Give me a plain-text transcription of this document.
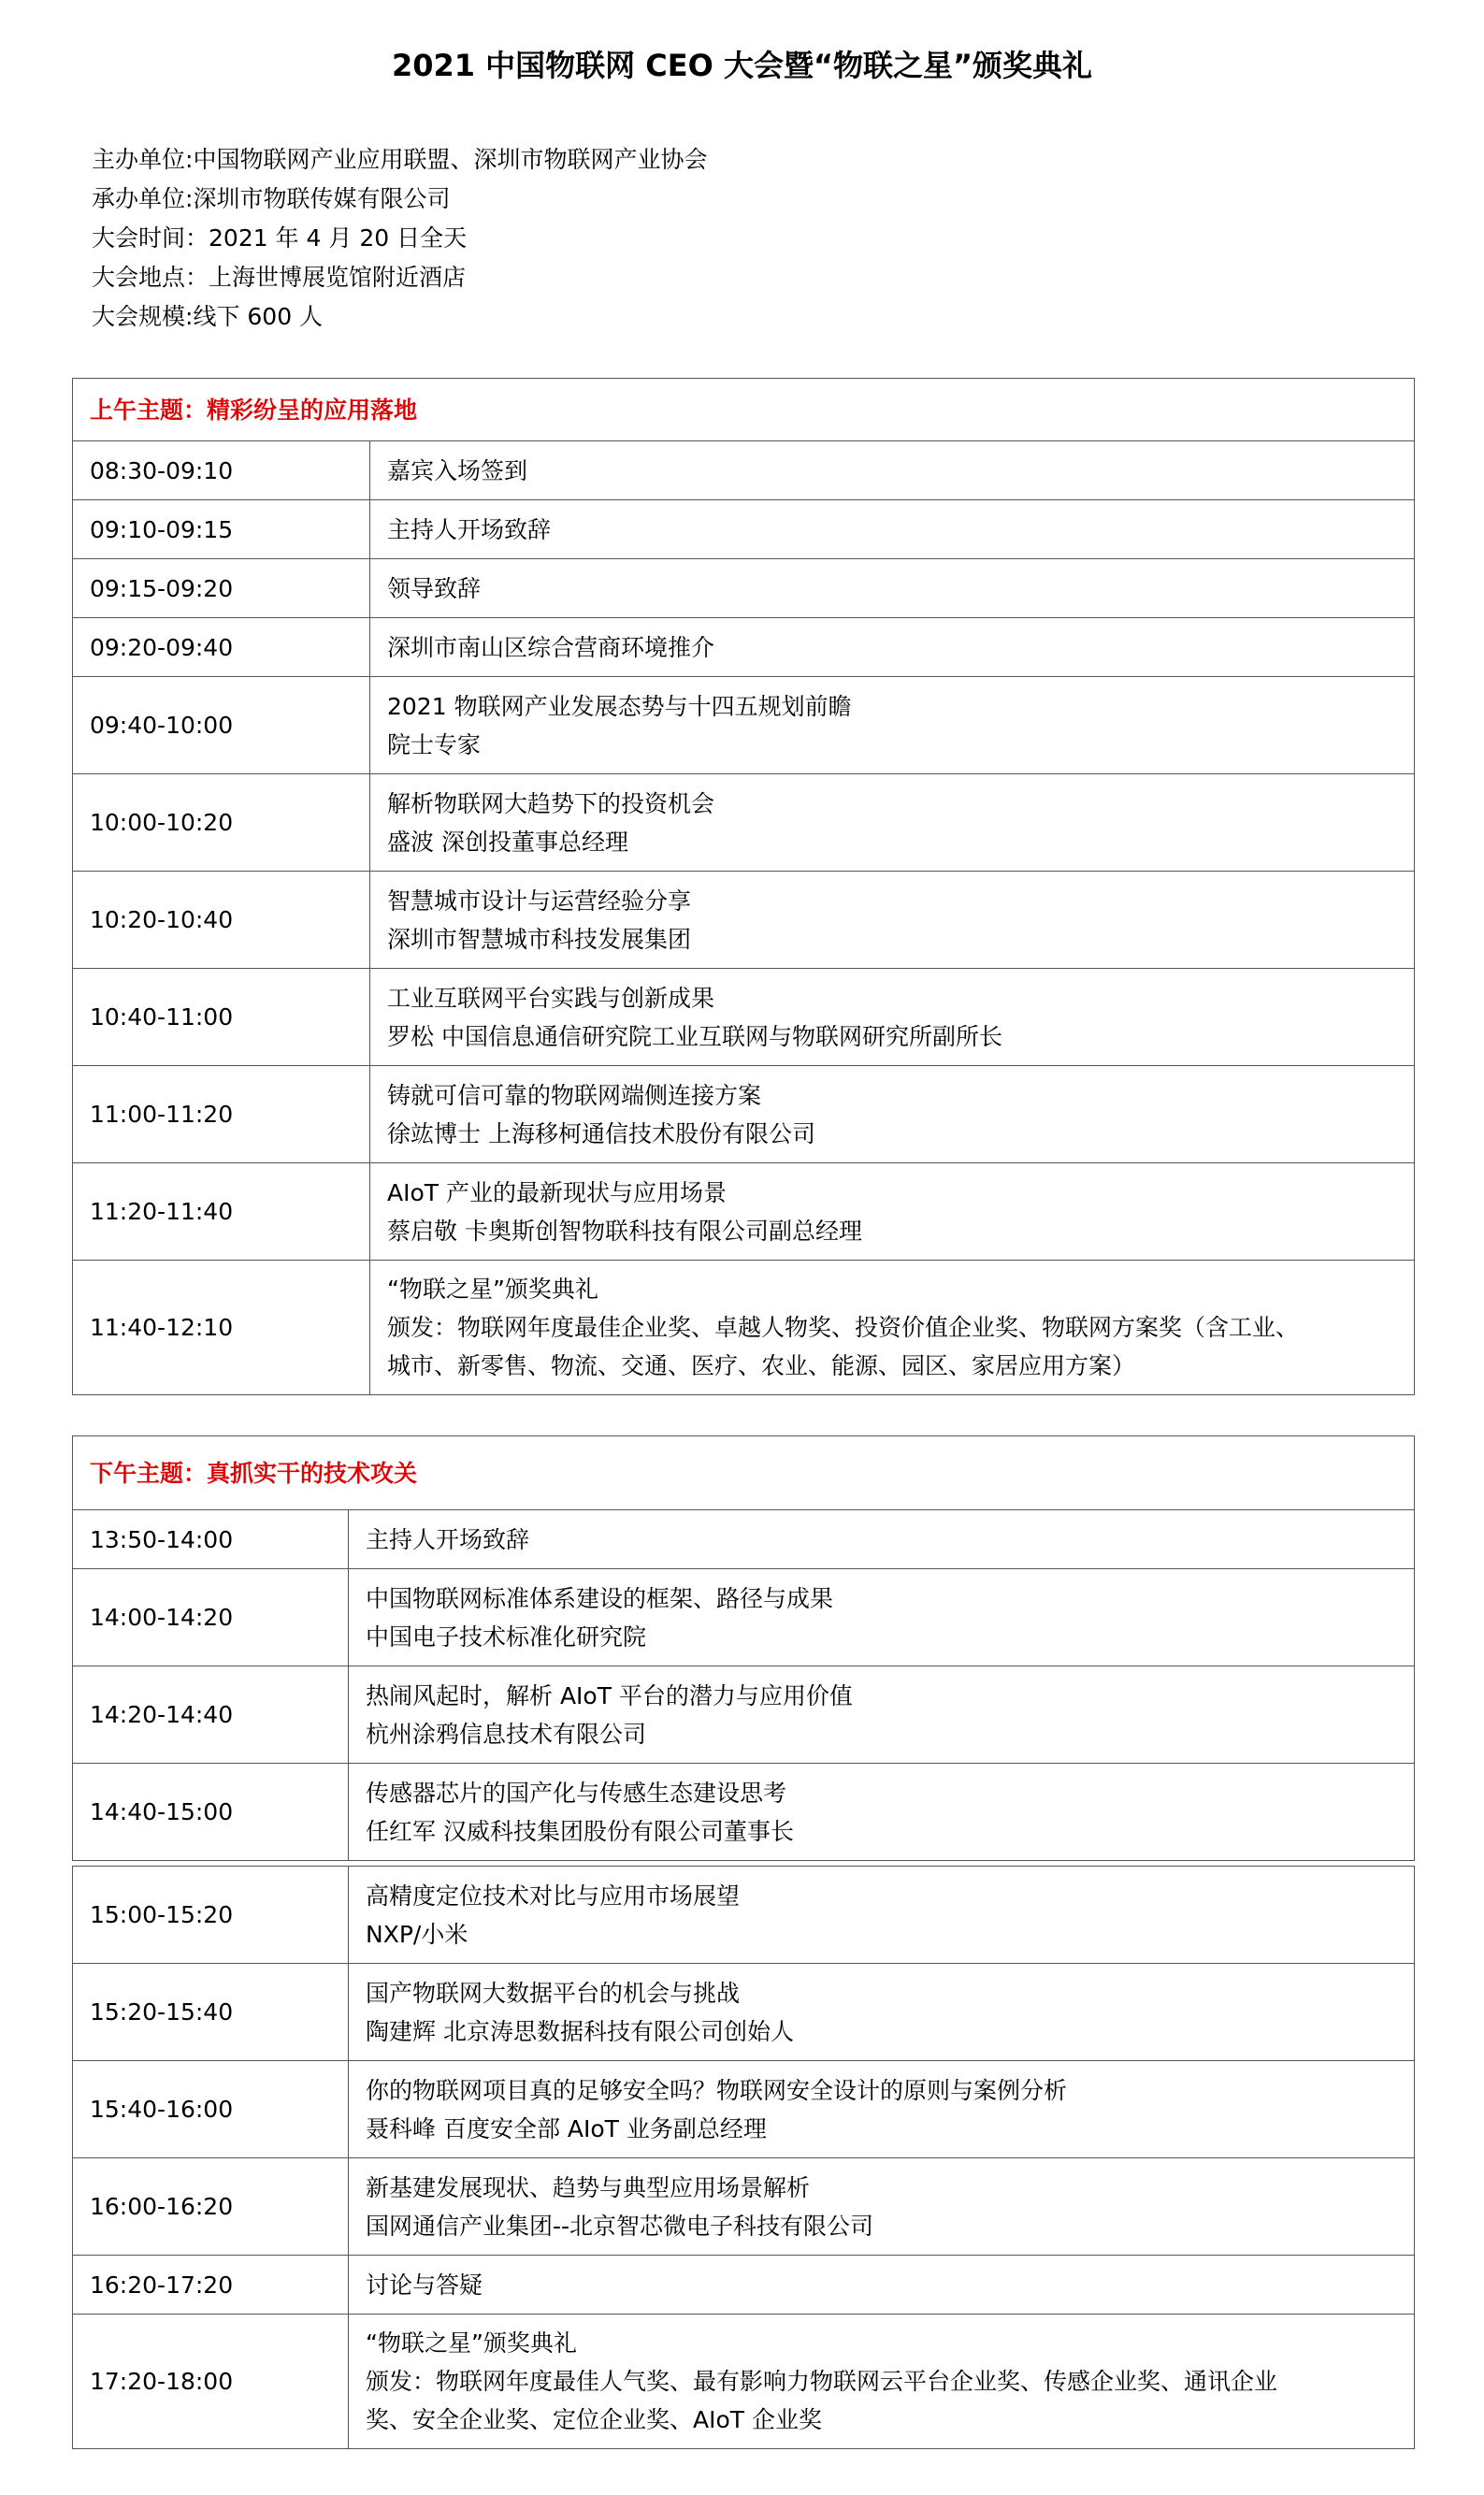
2021 中国物联网 CEO 大会暨“物联之星”颁奖典礼
主办单位:中国物联网产业应用联盟、深圳市物联网产业协会
承办单位:深圳市物联传媒有限公司
大会时间：2021 年 4 月 20 日全天
大会地点：上海世博展览馆附近酒店
大会规模:线下 600 人
上午主题：精彩纷呈的应用落地	
08:30-09:10	嘉宾入场签到

09:10-09:15	主持人开场致辞

09:15-09:20	领导致辞

09:20-09:40	深圳市南山区综合营商环境推介

09:40-10:00	2021 物联网产业发展态势与十四五规划前瞻
院士专家

10:00-10:20	解析物联网大趋势下的投资机会
盛波 深创投董事总经理

10:20-10:40	智慧城市设计与运营经验分享
深圳市智慧城市科技发展集团

10:40-11:00	工业互联网平台实践与创新成果
罗松 中国信息通信研究院工业互联网与物联网研究所副所长

11:00-11:20	铸就可信可靠的物联网端侧连接方案
徐竑博士 上海移柯通信技术股份有限公司

11:20-11:40	AIoT 产业的最新现状与应用场景
蔡启敬 卡奥斯创智物联科技有限公司副总经理

11:40-12:10	“物联之星”颁奖典礼
颁发：物联网年度最佳企业奖、卓越人物奖、投资价值企业奖、物联网方案奖（含工业、
城市、新零售、物流、交通、医疗、农业、能源、园区、家居应用方案）
下午主题：真抓实干的技术攻关	
13:50-14:00	主持人开场致辞

14:00-14:20	中国物联网标准体系建设的框架、路径与成果
中国电子技术标准化研究院

14:20-14:40	热闹风起时，解析 AIoT 平台的潜力与应用价值
杭州涂鸦信息技术有限公司

14:40-15:00	传感器芯片的国产化与传感生态建设思考
任红军 汉威科技集团股份有限公司董事长
15:00-15:20	高精度定位技术对比与应用市场展望
NXP/小米

15:20-15:40	国产物联网大数据平台的机会与挑战
陶建辉 北京涛思数据科技有限公司创始人

15:40-16:00	你的物联网项目真的足够安全吗？物联网安全设计的原则与案例分析
聂科峰 百度安全部 AIoT 业务副总经理

16:00-16:20	新基建发展现状、趋势与典型应用场景解析
国网通信产业集团--北京智芯微电子科技有限公司

16:20-17:20	讨论与答疑

17:20-18:00	“物联之星”颁奖典礼
颁发：物联网年度最佳人气奖、最有影响力物联网云平台企业奖、传感企业奖、通讯企业
奖、安全企业奖、定位企业奖、AIoT 企业奖
